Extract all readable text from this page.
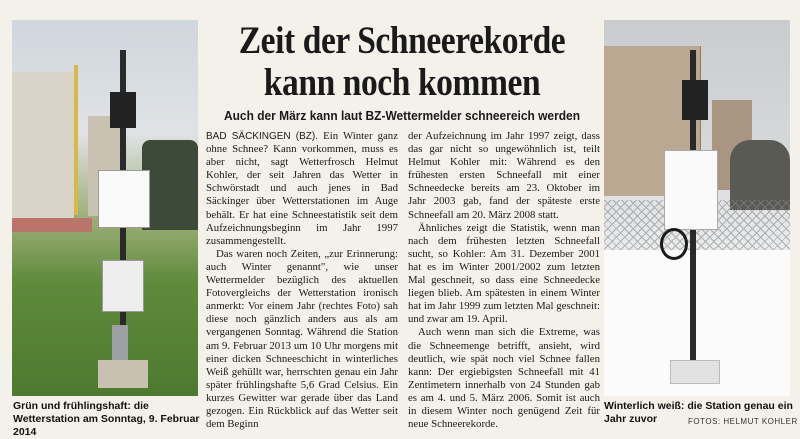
Zeit der Schneerekorde
kann noch kommen
Auch der März kann laut BZ-Wettermelder schneereich werden

BAD SÄCKINGEN (BZ). Ein Winter ganz ohne Schnee? Kann vorkommen, muss es aber nicht, sagt Wetterfrosch Helmut Kohler, der seit Jahren das Wetter in Schwörstadt und auch jenes in Bad Säckinger über Wetterstationen im Auge behält. Er hat eine Schneestatistik seit dem Aufzeichnungsbeginn im Jahr 1997 zusammengestellt.

Das waren noch Zeiten, „zur Erinnerung: auch Winter genannt", wie unser Wettermelder bezüglich des aktuellen Fotovergleichs der Wetterstation ironisch anmerkt: Vor einem Jahr (rechtes Foto) sah diese noch gänzlich anders aus als am vergangenen Sonntag. Während die Station am 9. Februar 2013 um 10 Uhr morgens mit einer dicken Schneeschicht in winterliches Weiß gehüllt war, herrschten genau ein Jahr später frühlingshafte 5,6 Grad Celsius. Ein kurzes Gewitter war gerade über das Land gezogen. Ein Rückblick auf das Wetter seit dem Beginn

der Aufzeichnung im Jahr 1997 zeigt, dass das gar nicht so ungewöhnlich ist, teilt Helmut Kohler mit: Während es den frühesten ersten Schneefall mit einer Schneedecke bereits am 23. Oktober im Jahr 2003 gab, fand der späteste erste Schneefall am 20. März 2008 statt.

Ähnliches zeigt die Statistik, wenn man nach dem frühesten letzten Schneefall sucht, so Kohler: Am 31. Dezember 2001 hat es im Winter 2001/2002 zum letzten Mal geschneit, so dass eine Schneedecke liegen blieb. Am spätesten in einem Winter hat im Jahr 1999 zum letzten Mal geschneit: und zwar am 19. April.

Auch wenn man sich die Extreme, was die Schneemenge betrifft, ansieht, wird deutlich, wie spät noch viel Schnee fallen kann: Der ergiebigsten Schneefall mit 41 Zentimetern innerhalb von 24 Stunden gab es am 4. und 5. März 2006. Somit ist auch in diesem Winter noch genügend Zeit für neue Schneerekorde.

Grün und frühlingshaft: die Wetterstation am Sonntag, 9. Februar 2014
Winterlich weiß: die Station genau ein Jahr zuvor	FOTOS: HELMUT KOHLER
